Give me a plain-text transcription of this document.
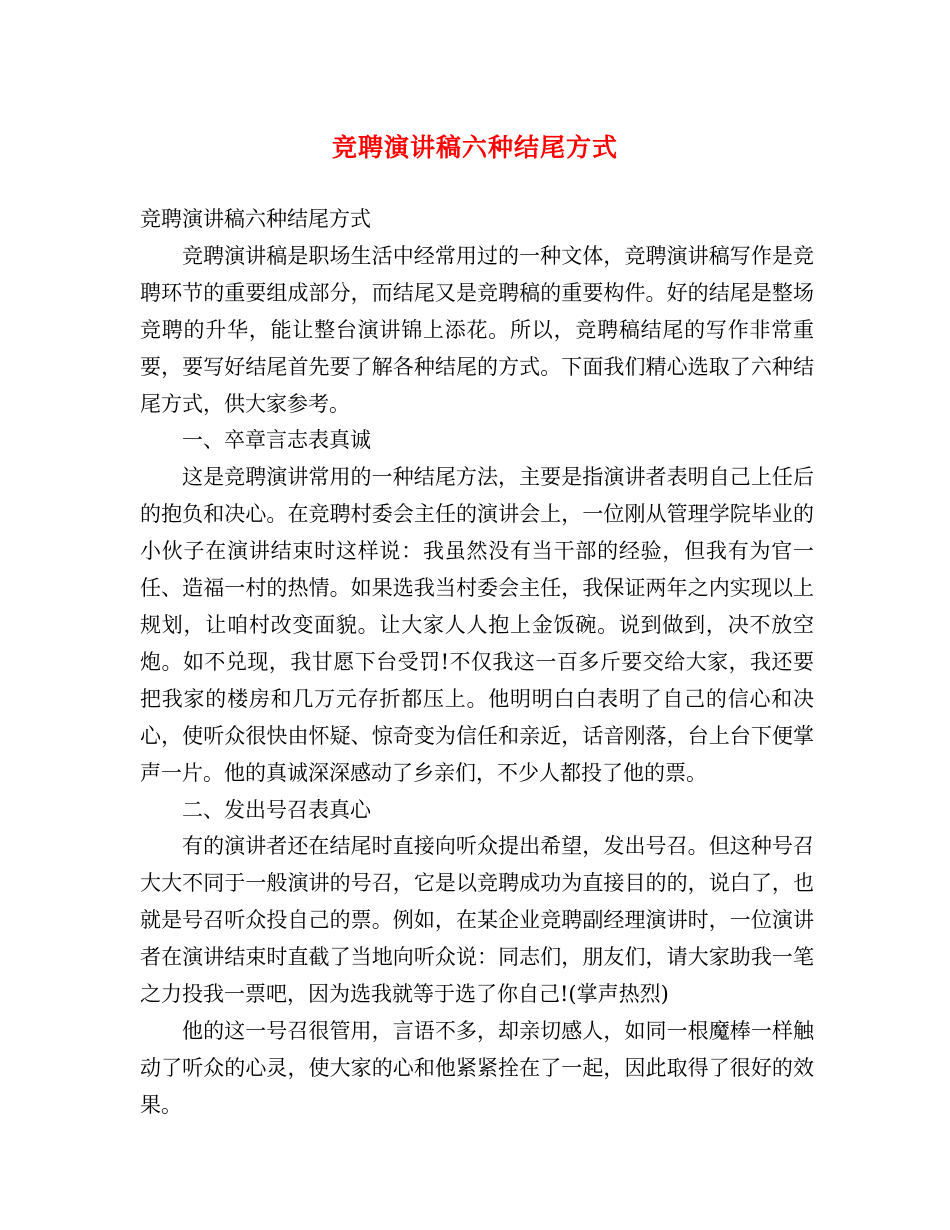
竞聘演讲稿六种结尾方式

竞聘演讲稿六种结尾方式

竞聘演讲稿是职场生活中经常用过的一种文体，竞聘演讲稿写作是竞聘环节的重要组成部分，而结尾又是竞聘稿的重要构件。好的结尾是整场竞聘的升华，能让整台演讲锦上添花。所以，竞聘稿结尾的写作非常重要，要写好结尾首先要了解各种结尾的方式。下面我们精心选取了六种结尾方式，供大家参考。

一、卒章言志表真诚

这是竞聘演讲常用的一种结尾方法，主要是指演讲者表明自己上任后的抱负和决心。在竞聘村委会主任的演讲会上，一位刚从管理学院毕业的小伙子在演讲结束时这样说：我虽然没有当干部的经验，但我有为官一任、造福一村的热情。如果选我当村委会主任，我保证两年之内实现以上规划，让咱村改变面貌。让大家人人抱上金饭碗。说到做到，决不放空炮。如不兑现，我甘愿下台受罚!不仅我这一百多斤要交给大家，我还要把我家的楼房和几万元存折都压上。他明明白白表明了自己的信心和决心，使听众很快由怀疑、惊奇变为信任和亲近，话音刚落，台上台下便掌声一片。他的真诚深深感动了乡亲们，不少人都投了他的票。

二、发出号召表真心

有的演讲者还在结尾时直接向听众提出希望，发出号召。但这种号召大大不同于一般演讲的号召，它是以竞聘成功为直接目的的，说白了，也就是号召听众投自己的票。例如，在某企业竞聘副经理演讲时，一位演讲者在演讲结束时直截了当地向听众说：同志们，朋友们，请大家助我一笔之力投我一票吧，因为选我就等于选了你自己!(掌声热烈)

他的这一号召很管用，言语不多，却亲切感人，如同一根魔棒一样触动了听众的心灵，使大家的心和他紧紧拴在了一起，因此取得了很好的效果。
